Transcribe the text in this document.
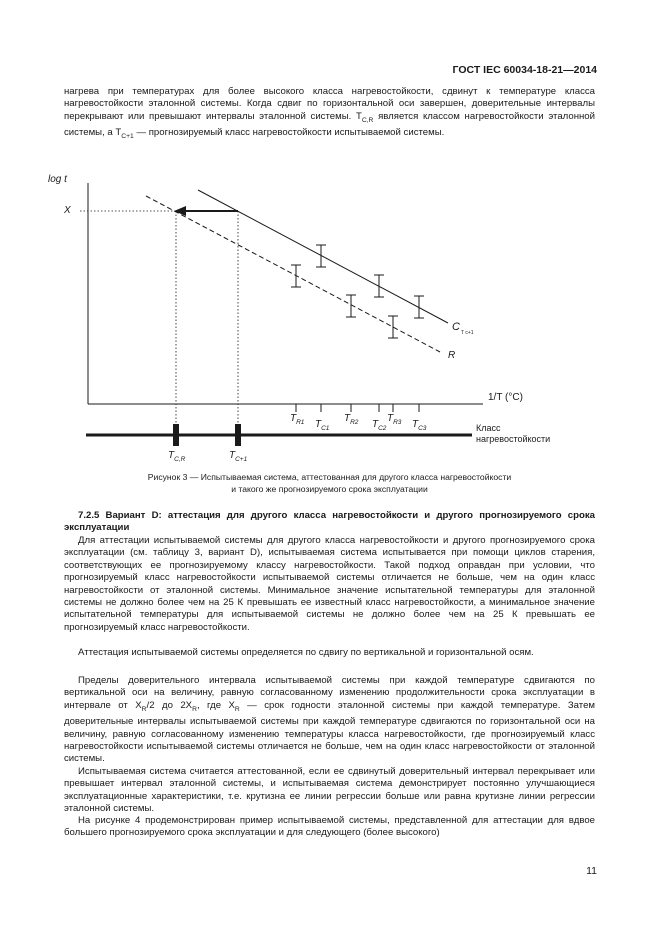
ГОСТ IEC 60034-18-21—2014

нагрева при температурах для более высокого класса нагревостойкости, сдвинут к температуре класса нагревостойкости эталонной системы. Когда сдвиг по горизонтальной оси завершен, доверительные интервалы перекрывают или превышают интервалы эталонной системы. $T_{C,R}$ является классом нагревостойкости эталонной системы, а $T_{C+1}$ — прогнозируемый класс нагревостойкости испытываемой системы.

log t
X
1/T (°C)
C T c+1
R
$T_{R1}$ $T_{C1}$
$T_{R2}$ $T_{C2}$
$T_{R3}$ $T_{C3}$	Класс
нагревостойкости
$T_{C,R}$	$T_{C+1}$
Рисунок 3 — Испытываемая система, аттестованная для другого класса нагревостойкости
и такого же прогнозируемого срока эксплуатации
7.2.5 Вариант D: аттестация для другого класса нагревостойкости и другого прогнозируемого срока эксплуатации

Для аттестации испытываемой системы для другого класса нагревостойкости и другого прогнозируемого срока эксплуатации (см. таблицу 3, вариант D), испытываемая система испытывается при помощи циклов старения, соответствующих ее прогнозируемому классу нагревостойкости. Такой подход оправдан при условии, что прогнозируемый класс нагревостойкости испытываемой системы отличается не больше, чем на один класс нагревостойкости от эталонной системы. Минимальное значение испытательной температуры для эталонной системы не должно более чем на 25 К превышать ее известный класс нагревостойкости, а минимальное значение испытательной температуры для испытываемой системы не должно более чем на 25 К превышать ее прогнозируемый класс нагревостойкости.

Аттестация испытываемой системы определяется по сдвигу по вертикальной и горизонтальной осям.

Пределы доверительного интервала испытываемой системы при каждой температуре сдвигаются по вертикальной оси на величину, равную согласованному изменению продолжительности срока эксплуатации в интервале от $X_R/2$ до $2X_R$, где $X_R$ — срок годности эталонной системы при каждой температуре. Затем доверительные интервалы испытываемой системы при каждой температуре сдвигаются по горизонтальной оси на величину, равную согласованному изменению температуры класса нагревостойкости, где прогнозируемый класс нагревостойкости испытываемой системы отличается не больше, чем на один класс нагревостойкости от эталонной системы.

Испытываемая система считается аттестованной, если ее сдвинутый доверительный интервал перекрывает или превышает интервал эталонной системы, и испытываемая система демонстрирует постоянно улучшающиеся эксплуатационные характеристики, т.е. крутизна ее линии регрессии больше или равна крутизне линии регрессии эталонной системы.

На рисунке 4 продемонстрирован пример испытываемой системы, представленной для аттестации для вдвое большего прогнозируемого срока эксплуатации и для следующего (более высокого)

11
